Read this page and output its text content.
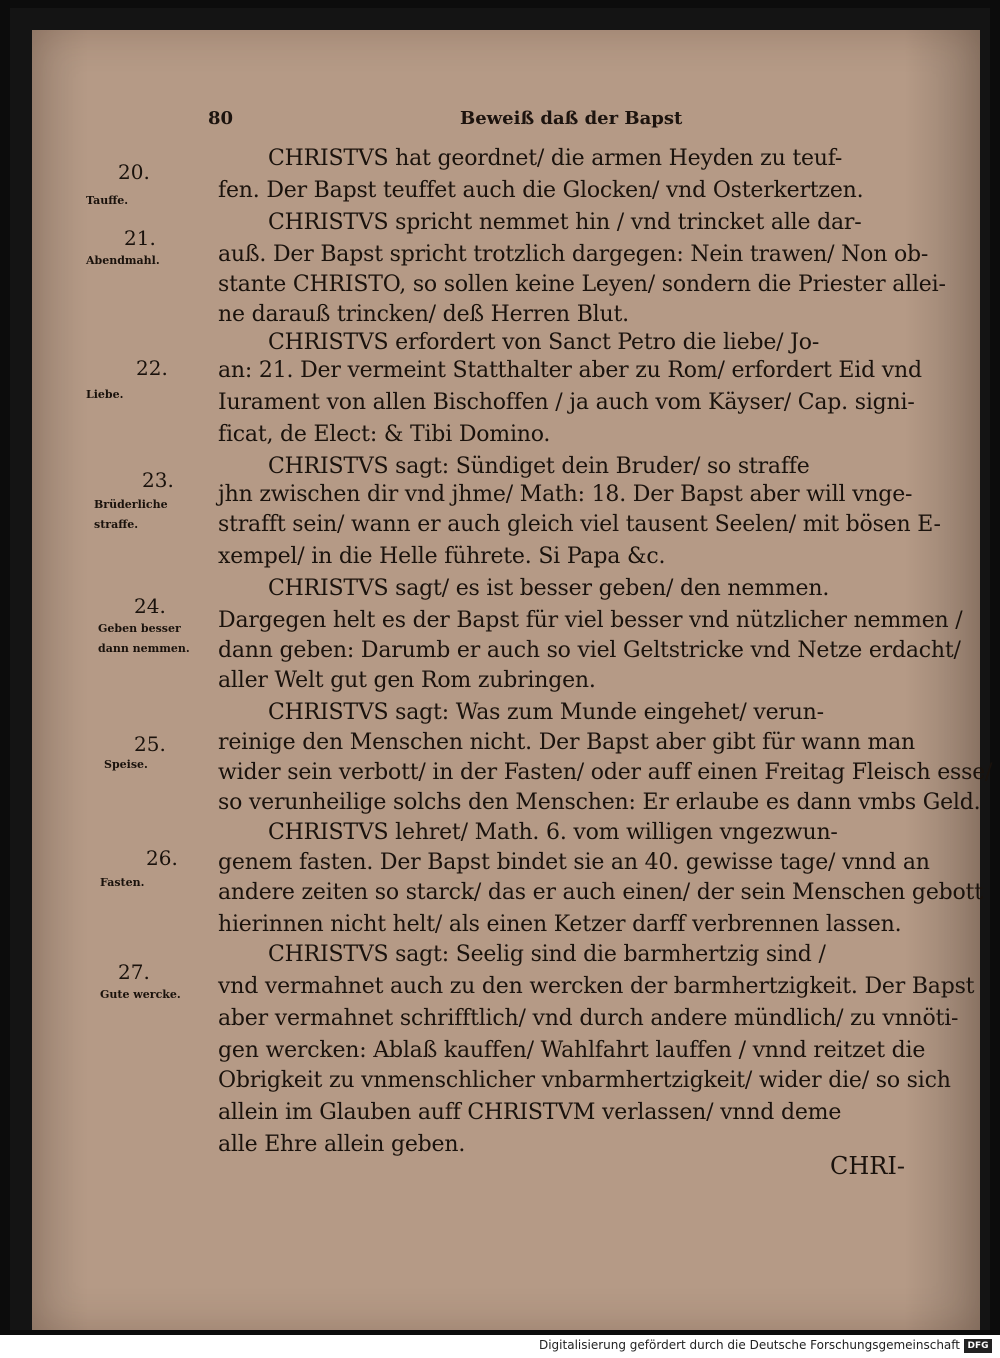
80	Beweiß daß der Bapst
20.
Tauffe.
21.
Abendmahl.
22.
Liebe.
23.
Brüderliche
straffe.
24.
Geben besser
dann nemmen.
25.
Speise.
26.
Fasten.
27.
Gute wercke.
CHRISTVS hat geordnet/ die armen Heyden zu teuf-
fen. Der Bapst teuffet auch die Glocken/ vnd Osterkertzen.
CHRISTVS spricht nemmet hin / vnd trincket alle dar-
auß. Der Bapst spricht trotzlich dargegen: Nein trawen/ Non ob-
stante CHRISTO, so sollen keine Leyen/ sondern die Priester allei-
ne darauß trincken/ deß Herren Blut.
CHRISTVS erfordert von Sanct Petro die liebe/ Jo-
an: 21. Der vermeint Statthalter aber zu Rom/ erfordert Eid vnd
Iurament von allen Bischoffen / ja auch vom Käyser/ Cap. signi-
ficat, de Elect: & Tibi Domino.
CHRISTVS sagt: Sündiget dein Bruder/ so straffe
jhn zwischen dir vnd jhme/ Math: 18. Der Bapst aber will vnge-
strafft sein/ wann er auch gleich viel tausent Seelen/ mit bösen E-
xempel/ in die Helle führete. Si Papa &c.
CHRISTVS sagt/ es ist besser geben/ den nemmen.
Dargegen helt es der Bapst für viel besser vnd nützlicher nemmen /
dann geben: Darumb er auch so viel Geltstricke vnd Netze erdacht/
aller Welt gut gen Rom zubringen.
CHRISTVS sagt: Was zum Munde eingehet/ verun-
reinige den Menschen nicht. Der Bapst aber gibt für wann man
wider sein verbott/ in der Fasten/ oder auff einen Freitag Fleisch esse/
so verunheilige solchs den Menschen: Er erlaube es dann vmbs Geld.
CHRISTVS lehret/ Math. 6. vom willigen vngezwun-
genem fasten. Der Bapst bindet sie an 40. gewisse tage/ vnnd an
andere zeiten so starck/ das er auch einen/ der sein Menschen gebott
hierinnen nicht helt/ als einen Ketzer darff verbrennen lassen.
CHRISTVS sagt: Seelig sind die barmhertzig sind /
vnd vermahnet auch zu den wercken der barmhertzigkeit. Der Bapst
aber vermahnet schrifftlich/ vnd durch andere mündlich/ zu vnnöti-
gen wercken: Ablaß kauffen/ Wahlfahrt lauffen / vnnd reitzet die
Obrigkeit zu vnmenschlicher vnbarmhertzigkeit/ wider die/ so sich
allein im Glauben auff CHRISTVM verlassen/ vnnd deme
alle Ehre allein geben.
CHRI-
Digitalisierung gefördert durch die Deutsche Forschungsgemeinschaft DFG
